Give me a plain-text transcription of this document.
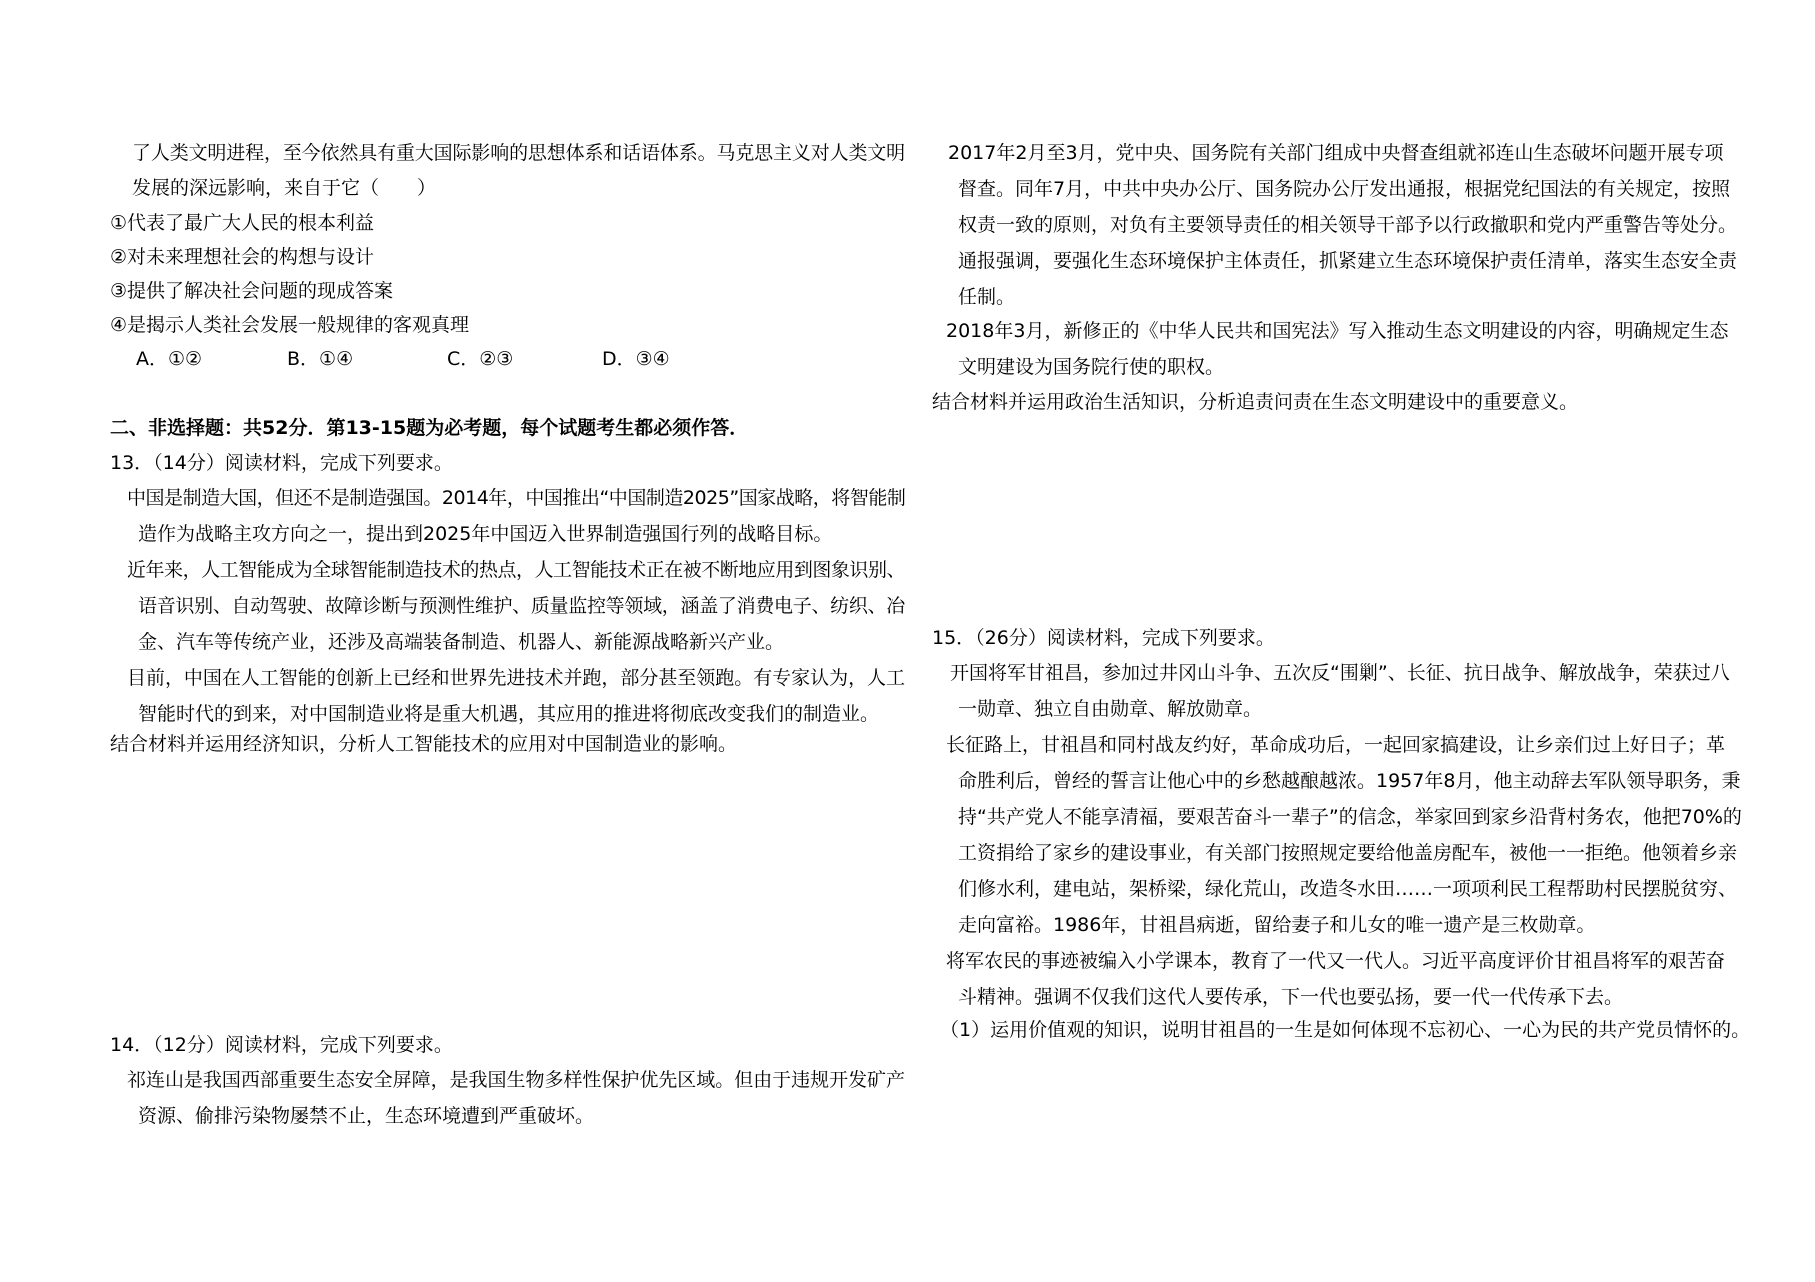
了人类文明进程，至今依然具有重大国际影响的思想体系和话语体系。马克思主义对人类文明
发展的深远影响，来自于它（　　）
①代表了最广大人民的根本利益
②对未来理想社会的构想与设计
③提供了解决社会问题的现成答案
④是揭示人类社会发展一般规律的客观真理
A．①②	B．①④	C．②③	D．③④
二、非选择题：共52分．第13-15题为必考题，每个试题考生都必须作答．
13．（14分）阅读材料，完成下列要求。
中国是制造大国，但还不是制造强国。2014年，中国推出“中国制造2025”国家战略，将智能制
造作为战略主攻方向之一，提出到2025年中国迈入世界制造强国行列的战略目标。
近年来，人工智能成为全球智能制造技术的热点，人工智能技术正在被不断地应用到图象识别、
语音识别、自动驾驶、故障诊断与预测性维护、质量监控等领域，涵盖了消费电子、纺织、冶
金、汽车等传统产业，还涉及高端装备制造、机器人、新能源战略新兴产业。
目前，中国在人工智能的创新上已经和世界先进技术并跑，部分甚至领跑。有专家认为，人工
智能时代的到来，对中国制造业将是重大机遇，其应用的推进将彻底改变我们的制造业。
结合材料并运用经济知识，分析人工智能技术的应用对中国制造业的影响。
14．（12分）阅读材料，完成下列要求。
祁连山是我国西部重要生态安全屏障，是我国生物多样性保护优先区域。但由于违规开发矿产
资源、偷排污染物屡禁不止，生态环境遭到严重破坏。
2017年2月至3月，党中央、国务院有关部门组成中央督查组就祁连山生态破坏问题开展专项
督查。同年7月，中共中央办公厅、国务院办公厅发出通报，根据党纪国法的有关规定，按照
权责一致的原则，对负有主要领导责任的相关领导干部予以行政撤职和党内严重警告等处分。
通报强调，要强化生态环境保护主体责任，抓紧建立生态环境保护责任清单，落实生态安全责
任制。
2018年3月，新修正的《中华人民共和国宪法》写入推动生态文明建设的内容，明确规定生态
文明建设为国务院行使的职权。
结合材料并运用政治生活知识，分析追责问责在生态文明建设中的重要意义。
15．（26分）阅读材料，完成下列要求。
开国将军甘祖昌，参加过井冈山斗争、五次反“围剿”、长征、抗日战争、解放战争，荣获过八
一勋章、独立自由勋章、解放勋章。
长征路上，甘祖昌和同村战友约好，革命成功后，一起回家搞建设，让乡亲们过上好日子；革
命胜利后，曾经的誓言让他心中的乡愁越酿越浓。1957年8月，他主动辞去军队领导职务，秉
持“共产党人不能享清福，要艰苦奋斗一辈子”的信念，举家回到家乡沿背村务农，他把70%的
工资捐给了家乡的建设事业，有关部门按照规定要给他盖房配车，被他一一拒绝。他领着乡亲
们修水利，建电站，架桥梁，绿化荒山，改造冬水田……一项项利民工程帮助村民摆脱贫穷、
走向富裕。1986年，甘祖昌病逝，留给妻子和儿女的唯一遗产是三枚勋章。
将军农民的事迹被编入小学课本，教育了一代又一代人。习近平高度评价甘祖昌将军的艰苦奋
斗精神。强调不仅我们这代人要传承，下一代也要弘扬，要一代一代传承下去。
（1）运用价值观的知识，说明甘祖昌的一生是如何体现不忘初心、一心为民的共产党员情怀的。
